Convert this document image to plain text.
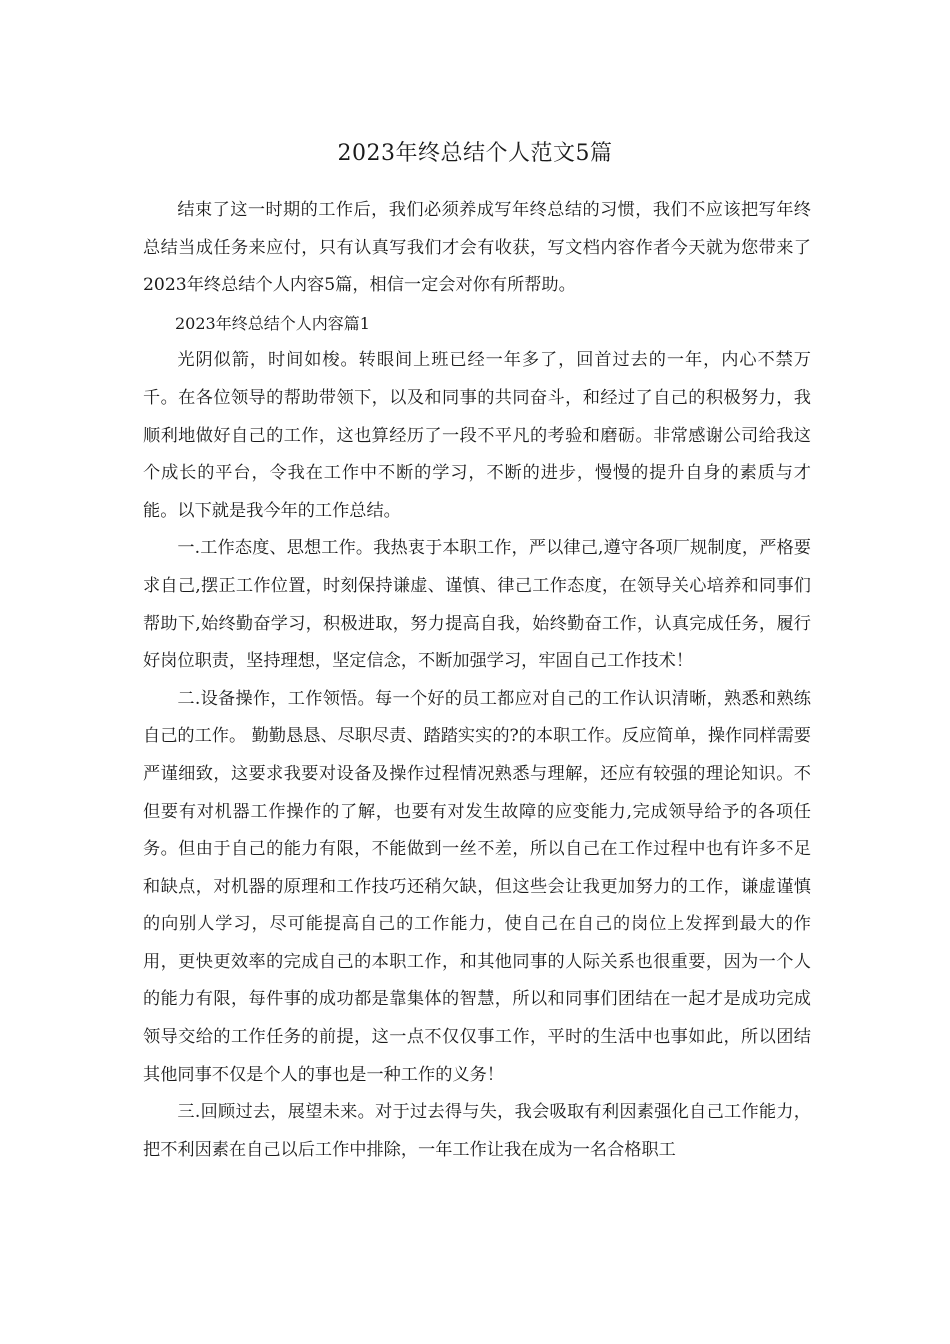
2023年终总结个人范文5篇

结束了这一时期的工作后，我们必须养成写年终总结的习惯，我们不应该把写年终总结当成任务来应付，只有认真写我们才会有收获，写文档内容作者今天就为您带来了2023年终总结个人内容5篇，相信一定会对你有所帮助。

2023年终总结个人内容篇1

光阴似箭，时间如梭。转眼间上班已经一年多了，回首过去的一年，内心不禁万千。在各位领导的帮助带领下，以及和同事的共同奋斗，和经过了自己的积极努力，我顺利地做好自己的工作，这也算经历了一段不平凡的考验和磨砺。非常感谢公司给我这个成长的平台，令我在工作中不断的学习，不断的进步，慢慢的提升自身的素质与才能。以下就是我今年的工作总结。

一.工作态度、思想工作。我热衷于本职工作，严以律己,遵守各项厂规制度，严格要求自己,摆正工作位置，时刻保持谦虚、谨慎、律己工作态度，在领导关心培养和同事们帮助下,始终勤奋学习，积极进取，努力提高自我，始终勤奋工作，认真完成任务，履行好岗位职责，坚持理想，坚定信念，不断加强学习，牢固自己工作技术！

二.设备操作，工作领悟。每一个好的员工都应对自己的工作认识清晰，熟悉和熟练自己的工作。 勤勤恳恳、尽职尽责、踏踏实实的?的本职工作。反应简单，操作同样需要严谨细致，这要求我要对设备及操作过程情况熟悉与理解，还应有较强的理论知识。不但要有对机器工作操作的了解，也要有对发生故障的应变能力,完成领导给予的各项任务。但由于自己的能力有限，不能做到一丝不差，所以自己在工作过程中也有许多不足和缺点，对机器的原理和工作技巧还稍欠缺，但这些会让我更加努力的工作，谦虚谨慎的向别人学习，尽可能提高自己的工作能力，使自己在自己的岗位上发挥到最大的作用，更快更效率的完成自己的本职工作，和其他同事的人际关系也很重要，因为一个人的能力有限，每件事的成功都是靠集体的智慧，所以和同事们团结在一起才是成功完成领导交给的工作任务的前提，这一点不仅仅事工作，平时的生活中也事如此，所以团结其他同事不仅是个人的事也是一种工作的义务！

三.回顾过去，展望未来。对于过去得与失，我会吸取有利因素强化自己工作能力，把不利因素在自己以后工作中排除，一年工作让我在成为一名合格职工
